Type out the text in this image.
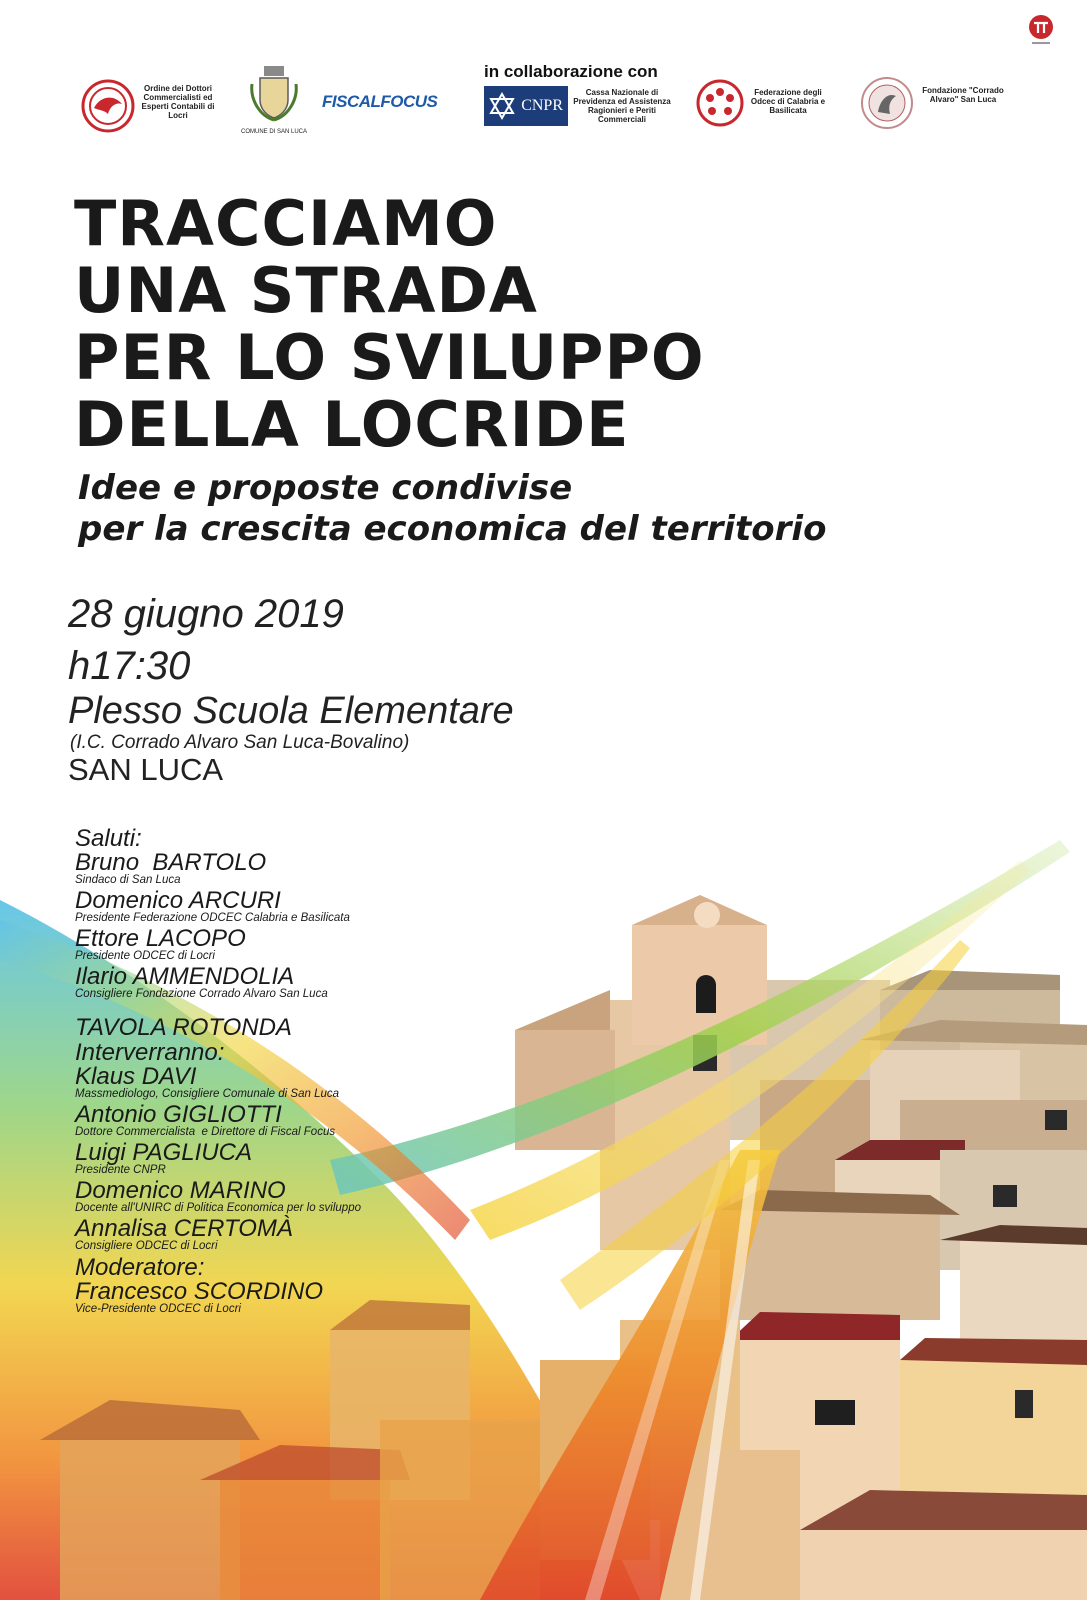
Ordine dei Dottori Commercialisti ed Esperti Contabili di Locri
COMUNE DI SAN LUCA
FISCALFOCUS
in collaborazione con
CNPR
Cassa Nazionale di Previdenza ed Assistenza Ragionieri e Periti Commerciali
Federazione degli Odcec di Calabria e Basilicata
Fondazione "Corrado Alvaro" San Luca
TRACCIAMO
UNA STRADA
PER LO SVILUPPO
DELLA LOCRIDE
Idee e proposte condivise
per la crescita economica del territorio
28 giugno 2019
h17:30
Plesso Scuola Elementare
(I.C. Corrado Alvaro San Luca-Bovalino)
SAN LUCA
Saluti:
Bruno  BARTOLO
Sindaco di San Luca
Domenico ARCURI
Presidente Federazione ODCEC Calabria e Basilicata
Ettore LACOPO
Presidente ODCEC di Locri
Ilario AMMENDOLIA
Consigliere Fondazione Corrado Alvaro San Luca
TAVOLA ROTONDA
Interverranno:
Klaus DAVI
Massmediologo, Consigliere Comunale di San Luca
Antonio GIGLIOTTI
Dottore Commercialista  e Direttore di Fiscal Focus
Luigi PAGLIUCA
Presidente CNPR
Domenico MARINO
Docente all'UNIRC di Politica Economica per lo sviluppo
Annalisa CERTOMÀ
Consigliere ODCEC di Locri
Moderatore:
Francesco SCORDINO
Vice-Presidente ODCEC di Locri
